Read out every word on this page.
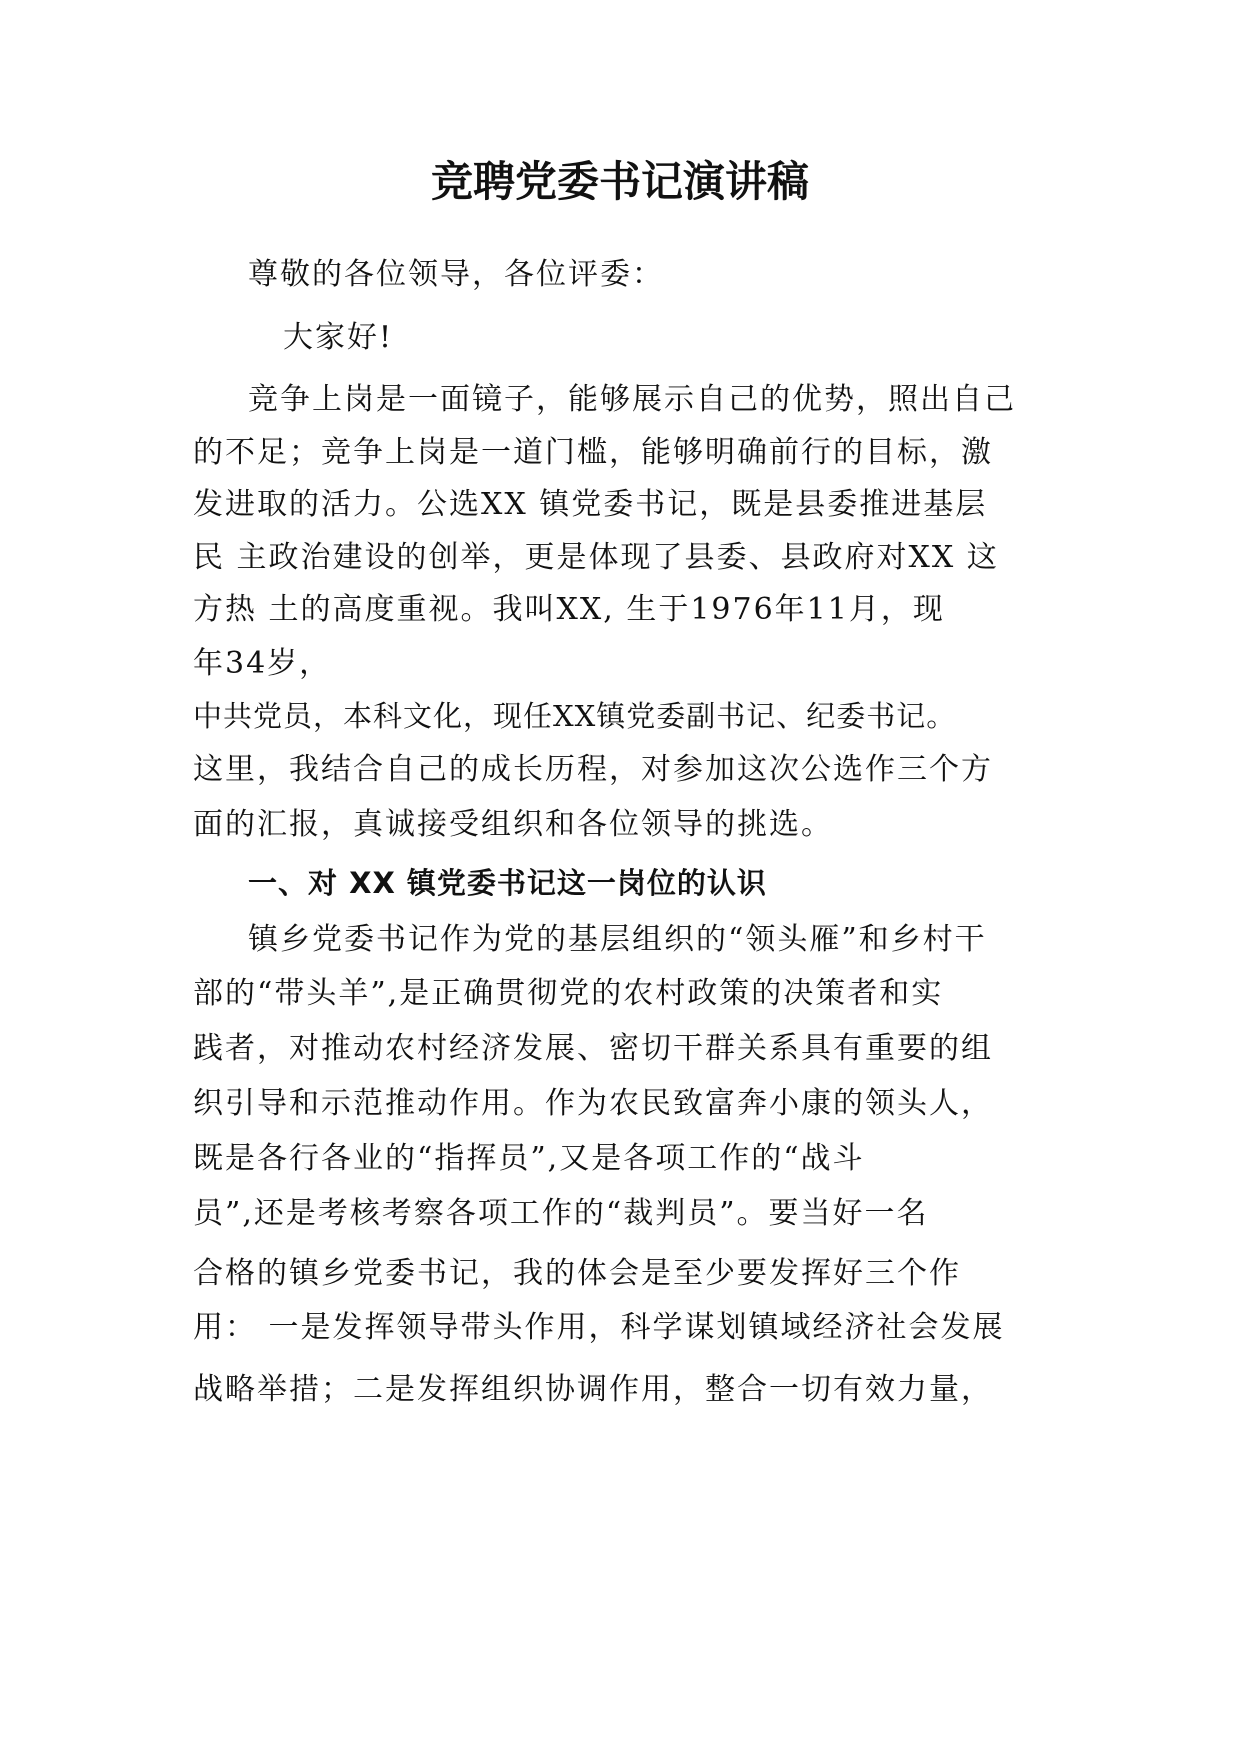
竞聘党委书记演讲稿
尊敬的各位领导，各位评委：
大家好!
竞争上岗是一面镜子，能够展示自己的优势，照出自己
的不足；竞争上岗是一道门槛，能够明确前行的目标，激
发进取的活力。公选XX 镇党委书记，既是县委推进基层
民 主政治建设的创举，更是体现了县委、县政府对XX 这
方热 土的高度重视。我叫XX, 生于1976年11月，现
年34岁，
中共党员，本科文化，现任XX镇党委副书记、纪委书记。
这里，我结合自己的成长历程，对参加这次公选作三个方
面的汇报，真诚接受组织和各位领导的挑选。
一、对 XX 镇党委书记这一岗位的认识
镇乡党委书记作为党的基层组织的“领头雁”和乡村干
部的“带头羊”,是正确贯彻党的农村政策的决策者和实
践者，对推动农村经济发展、密切干群关系具有重要的组
织引导和示范推动作用。作为农民致富奔小康的领头人，
既是各行各业的“指挥员”,又是各项工作的“战斗
员”,还是考核考察各项工作的“裁判员”。要当好一名
合格的镇乡党委书记，我的体会是至少要发挥好三个作
用： 一是发挥领导带头作用，科学谋划镇域经济社会发展
战略举措；二是发挥组织协调作用，整合一切有效力量，
